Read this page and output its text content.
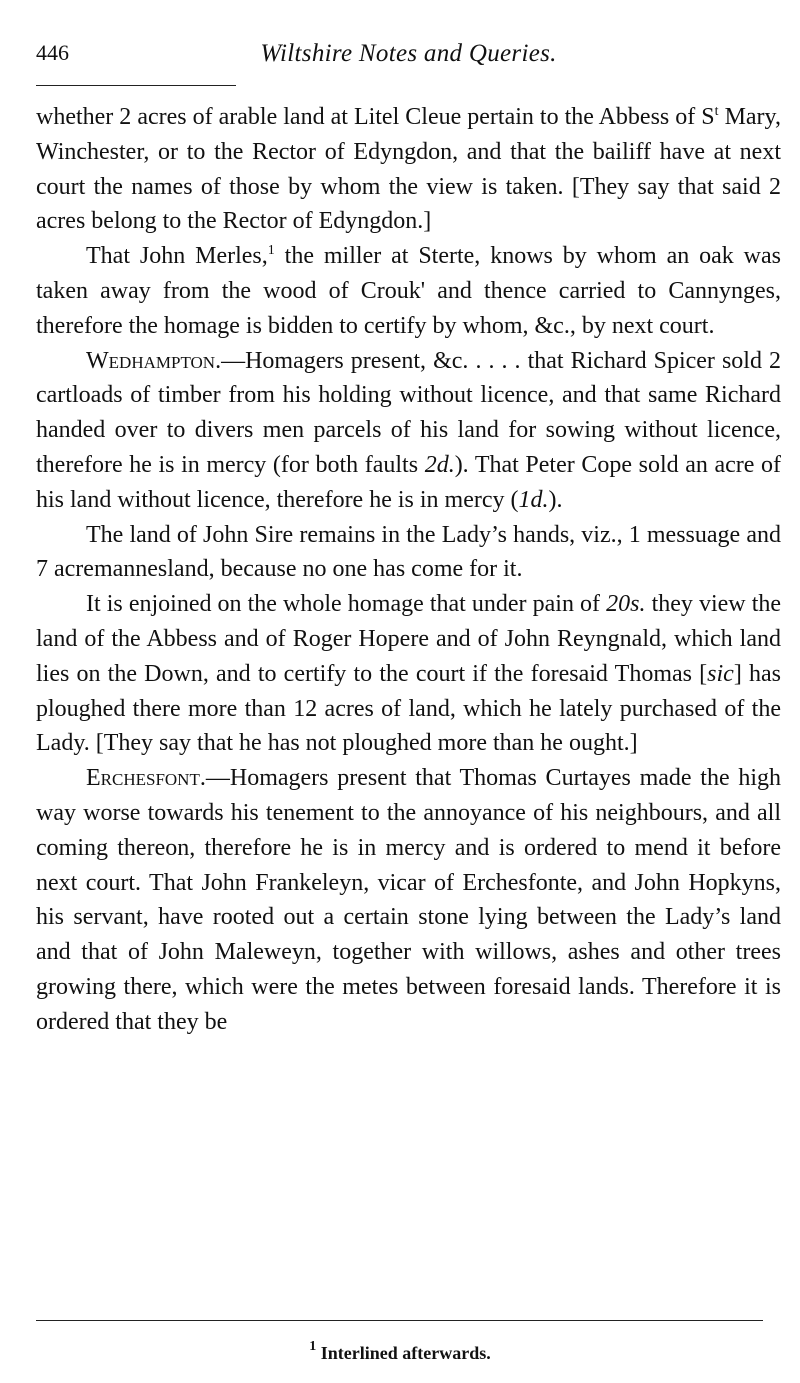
446	Wiltshire Notes and Queries.

whether 2 acres of arable land at Litel Cleue pertain to the Abbess of $S^t$ Mary, Winchester, or to the Rector of Edyngdon, and that the bailiff have at next court the names of those by whom the view is taken. [They say that said 2 acres belong to the Rector of Edyngdon.]

That John Merles,$^1$ the miller at Sterte, knows by whom an oak was taken away from the wood of Crouk' and thence carried to Cannynges, therefore the homage is bidden to certify by whom, &c., by next court.

Wedhampton.—Homagers present, &c. . . . . that Richard Spicer sold 2 cartloads of timber from his holding without licence, and that same Richard handed over to divers men parcels of his land for sowing without licence, therefore he is in mercy (for both faults 2d.). That Peter Cope sold an acre of his land without licence, therefore he is in mercy (1d.).

The land of John Sire remains in the Lady’s hands, viz., 1 messuage and 7 acremannesland, because no one has come for it.

It is enjoined on the whole homage that under pain of 20s. they view the land of the Abbess and of Roger Hopere and of John Reyngnald, which land lies on the Down, and to certify to the court if the foresaid Thomas [sic] has ploughed there more than 12 acres of land, which he lately purchased of the Lady. [They say that he has not ploughed more than he ought.]

Erchesfont.—Homagers present that Thomas Curtayes made the high way worse towards his tenement to the annoyance of his neighbours, and all coming thereon, therefore he is in mercy and is ordered to mend it before next court. That John Frankeleyn, vicar of Erchesfonte, and John Hopkyns, his servant, have rooted out a certain stone lying between the Lady’s land and that of John Maleweyn, together with willows, ashes and other trees growing there, which were the metes between foresaid lands. Therefore it is ordered that they be

$^1$ Interlined afterwards.
